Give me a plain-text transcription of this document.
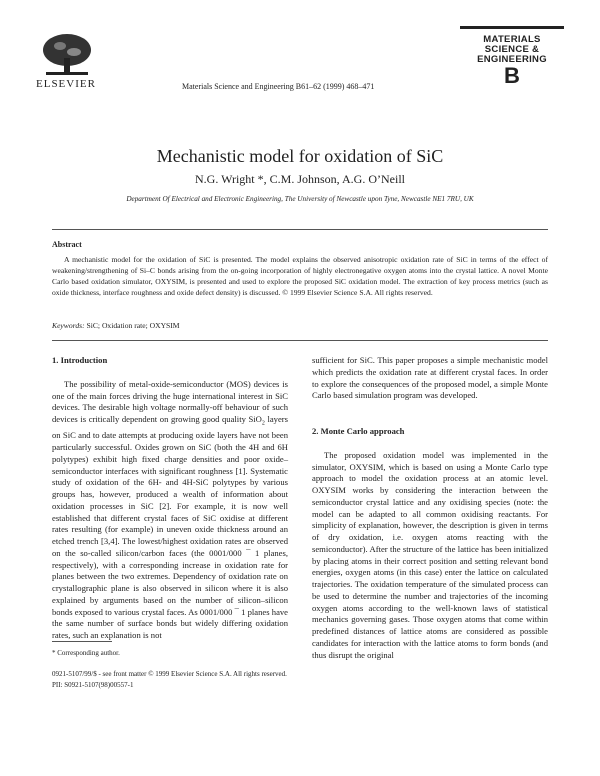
ELSEVIER	Materials Science and Engineering B61–62 (1999) 468–471
MATERIALS
SCIENCE &
ENGINEERING
B
Mechanistic model for oxidation of SiC
N.G. Wright *, C.M. Johnson, A.G. O’Neill
Department Of Electrical and Electronic Engineering, The University of Newcastle upon Tyne, Newcastle NE1 7RU, UK
Abstract
A mechanistic model for the oxidation of SiC is presented. The model explains the observed anisotropic oxidation rate of SiC in terms of the effect of weakening/strengthening of Si–C bonds arising from the on-going incorporation of highly electronegative oxygen atoms into the crystal lattice. A novel Monte Carlo based oxidation simulator, OXYSIM, is presented and used to explore the proposed SiC oxidation model. The extraction of key process metrics (such as oxide thickness, interface roughness and oxide defect density) is discussed. © 1999 Elsevier Science S.A. All rights reserved.
Keywords: SiC; Oxidation rate; OXYSIM
1. Introduction

The possibility of metal-oxide-semiconductor (MOS) devices is one of the main forces driving the huge international interest in SiC devices. The desirable high voltage normally-off behaviour of such devices is critically dependent on growing good quality SiO$_2$ layers on SiC and to date attempts at producing oxide layers have not been particularly successful. Oxides grown on SiC (both the 4H and 6H polytypes) exhibit high fixed charge densities and poor oxide–semiconductor interfaces with significant roughness [1]. Systematic study of oxidation of the 6H- and 4H-SiC polytypes by various groups has, however, produced a wealth of information about oxidation processes in SiC [2]. For example, it is now well established that different crystal faces of SiC oxidise at different rates resulting (for example) in uneven oxide thickness around an etched trench [3,4]. The lowest/highest oxidation rates are observed on the so-called silicon/carbon faces (the 0001/000 ¯ 1 planes, respectively), with a corresponding increase in oxidation rate for planes between the two extremes. Dependency of oxidation rate on crystallographic plane is also observed in silicon where it is also explained by arguments based on the number of silicon–silicon bonds exposed to various crystal faces. As 0001/000 ¯ 1 planes have the same number of surface bonds but widely differing oxidation rates, such an explanation is not

sufficient for SiC. This paper proposes a simple mechanistic model which predicts the oxidation rate at different crystal faces. In order to explore the consequences of the proposed model, a simple Monte Carlo based simulation program was developed.

2. Monte Carlo approach

The proposed oxidation model was implemented in the simulator, OXYSIM, which is based on using a Monte Carlo type approach to model the oxidation process at an atomic level. OXYSIM works by considering the interaction between the semiconductor crystal lattice and any oxidising species (note: the model can be adapted to all common oxidising reactants. For simplicity of explanation, however, the description is given in terms of dry oxidation, i.e. oxygen atoms reacting with the semiconductor). After the structure of the lattice has been initialized by placing atoms in their correct position and setting relevant bond energies, oxygen atoms (in this case) enter the lattice on calculated trajectories. The oxidation temperature of the simulated process can be used to determine the number and trajectories of the incoming oxygen atoms according to the well-known laws of statistical mechanics governing gases. Those oxygen atoms that come within predefined distances of lattice atoms are considered as possible candidates for interaction with the lattice atoms to form bonds (and thus disrupt the original

* Corresponding author.
0921-5107/99/$ - see front matter © 1999 Elsevier Science S.A. All rights reserved.
PII: S0921-5107(98)00557-1
